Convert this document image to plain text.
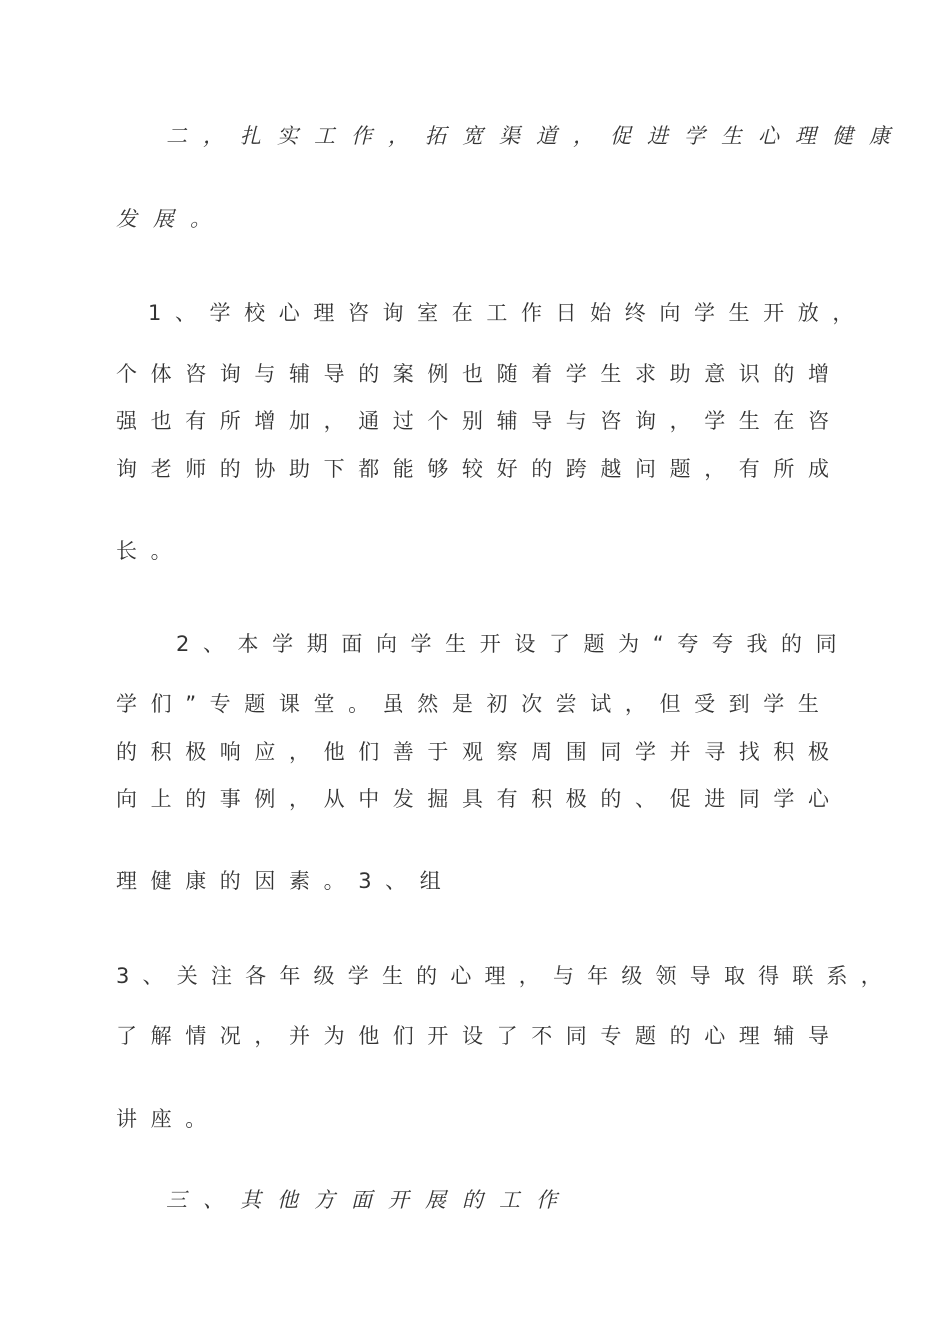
二，扎实工作，拓宽渠道，促进学生心理健康
发展。
1、学校心理咨询室在工作日始终向学生开放，
个体咨询与辅导的案例也随着学生求助意识的增
强也有所增加，通过个别辅导与咨询，学生在咨
询老师的协助下都能够较好的跨越问题，有所成
长。
2、本学期面向学生开设了题为“夸夸我的同
学们”专题课堂。虽然是初次尝试，但受到学生
的积极响应，他们善于观察周围同学并寻找积极
向上的事例，从中发掘具有积极的、促进同学心
理健康的因素。3、组
3、关注各年级学生的心理，与年级领导取得联系，
了解情况，并为他们开设了不同专题的心理辅导
讲座。
三、其他方面开展的工作
